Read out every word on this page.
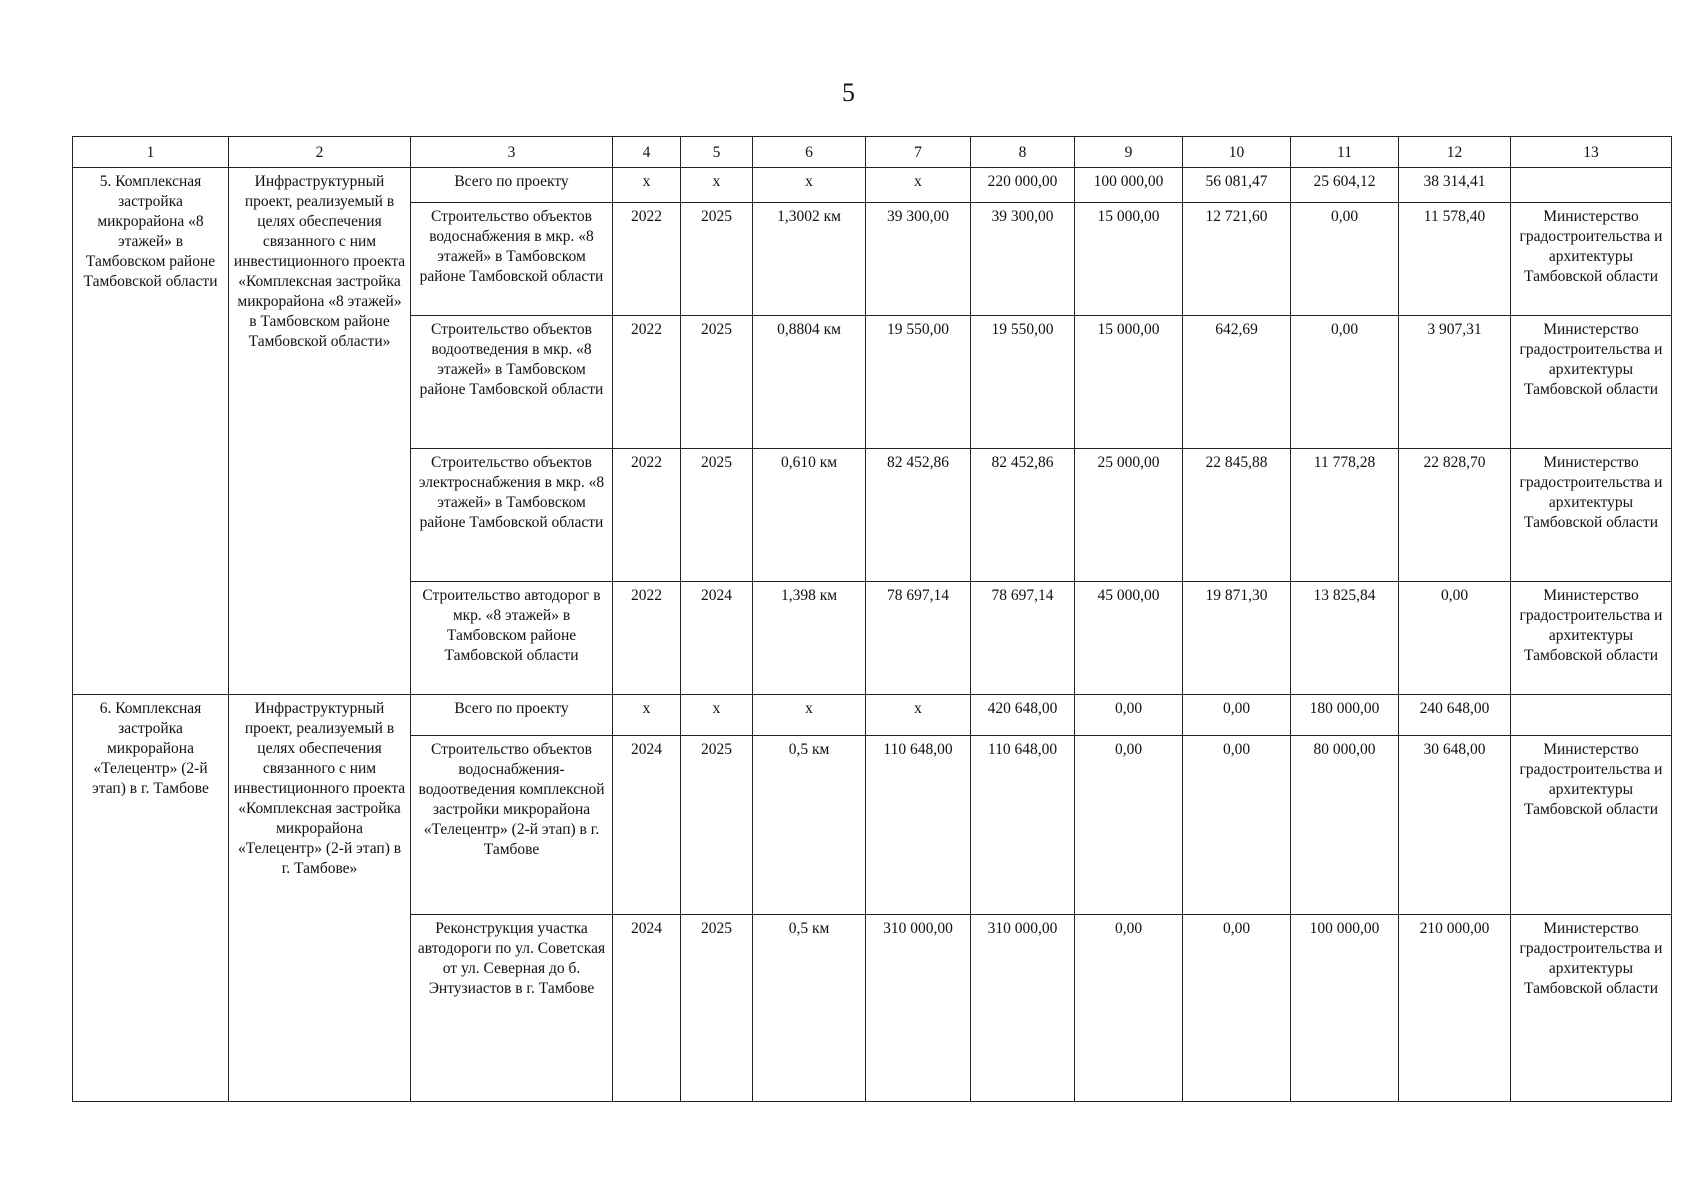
5
1	2	3	4	5	6	7	8	9	10	11	12	13
5. Комплексная застройка микрорайона «8 этажей» в Тамбовском районе Тамбовской области	Инфраструктурный проект, реализуемый в целях обеспечения связанного с ним инвестиционного проекта «Комплексная застройка микрорайона «8 этажей» в Тамбовском районе Тамбовской области»	Всего по проекту	x	x	x	x	220 000,00	100 000,00	56 081,47	25 604,12	38 314,41	
		Строительство объектов водоснабжения в мкр. «8 этажей» в Тамбовском районе Тамбовской области	2022	2025	1,3002 км	39 300,00	39 300,00	15 000,00	12 721,60	0,00	11 578,40	Министерство градостроительства и архитектуры Тамбовской области
		Строительство объектов водоотведения в мкр. «8 этажей» в Тамбовском районе Тамбовской области	2022	2025	0,8804 км	19 550,00	19 550,00	15 000,00	642,69	0,00	3 907,31	Министерство градостроительства и архитектуры Тамбовской области
		Строительство объектов электроснабжения в мкр. «8 этажей» в Тамбовском районе Тамбовской области	2022	2025	0,610 км	82 452,86	82 452,86	25 000,00	22 845,88	11 778,28	22 828,70	Министерство градостроительства и архитектуры Тамбовской области
		Строительство автодорог в мкр. «8 этажей» в Тамбовском районе Тамбовской области	2022	2024	1,398 км	78 697,14	78 697,14	45 000,00	19 871,30	13 825,84	0,00	Министерство градостроительства и архитектуры Тамбовской области
6. Комплексная застройка микрорайона «Телецентр» (2-й этап) в г. Тамбове	Инфраструктурный проект, реализуемый в целях обеспечения связанного с ним инвестиционного проекта «Комплексная застройка микрорайона «Телецентр» (2-й этап) в г. Тамбове»	Всего по проекту	x	x	x	x	420 648,00	0,00	0,00	180 000,00	240 648,00	
		Строительство объектов водоснабжения-водоотведения комплексной застройки микрорайона «Телецентр» (2-й этап) в г. Тамбове	2024	2025	0,5 км	110 648,00	110 648,00	0,00	0,00	80 000,00	30 648,00	Министерство градостроительства и архитектуры Тамбовской области
		Реконструкция участка автодороги по ул. Советская от ул. Северная до б. Энтузиастов в г. Тамбове	2024	2025	0,5 км	310 000,00	310 000,00	0,00	0,00	100 000,00	210 000,00	Министерство градостроительства и архитектуры Тамбовской области
